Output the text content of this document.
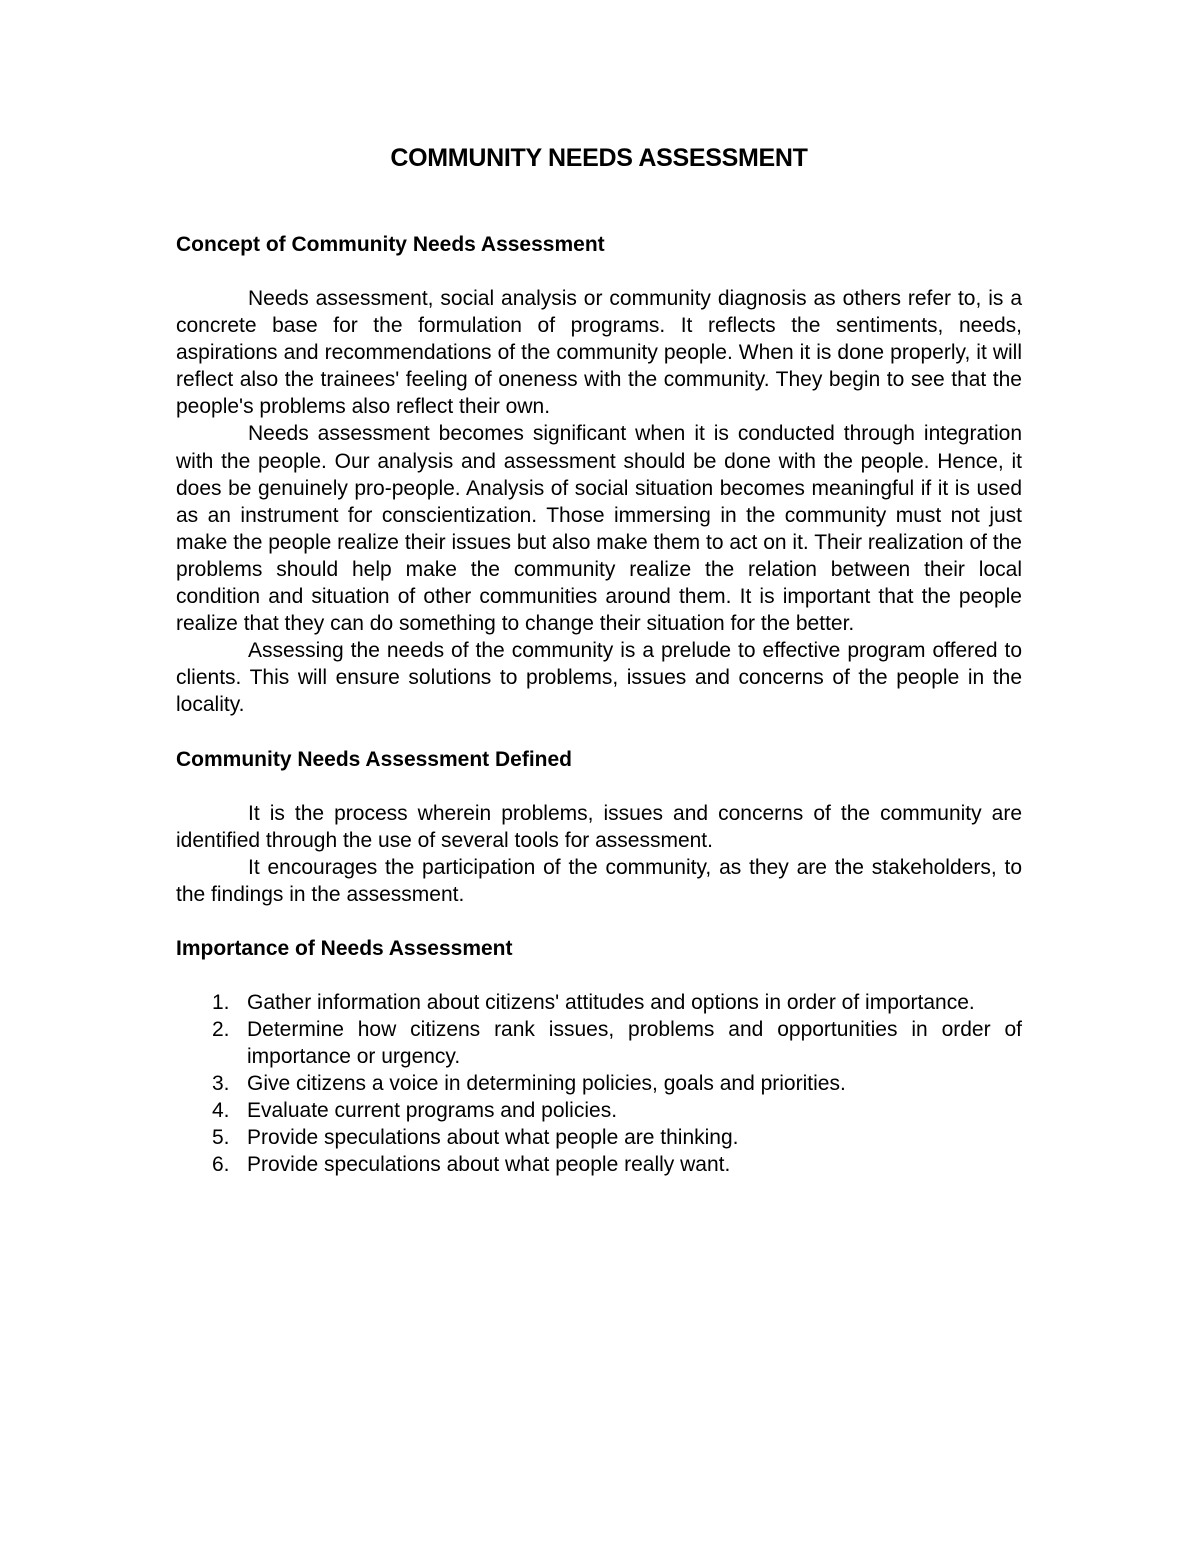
COMMUNITY NEEDS ASSESSMENT
Concept of Community Needs Assessment

Needs assessment, social analysis or community diagnosis as others refer to, is a concrete base for the formulation of programs. It reflects the sentiments, needs, aspirations and recommendations of the community people. When it is done properly, it will reflect also the trainees' feeling of oneness with the community. They begin to see that the people's problems also reflect their own.

Needs assessment becomes significant when it is conducted through integration with the people. Our analysis and assessment should be done with the people. Hence, it does be genuinely pro-people. Analysis of social situation becomes meaningful if it is used as an instrument for conscientization. Those immersing in the community must not just make the people realize their issues but also make them to act on it. Their realization of the problems should help make the community realize the relation between their local condition and situation of other communities around them. It is important that the people realize that they can do something to change their situation for the better.

Assessing the needs of the community is a prelude to effective program offered to clients. This will ensure solutions to problems, issues and concerns of the people in the locality.

Community Needs Assessment Defined

It is the process wherein problems, issues and concerns of the community are identified through the use of several tools for assessment.

It encourages the participation of the community, as they are the stakeholders, to the findings in the assessment.

Importance of Needs Assessment
1. Gather information about citizens' attitudes and options in order of importance.
2. Determine how citizens rank issues, problems and opportunities in order of importance or urgency.
3. Give citizens a voice in determining policies, goals and priorities.
4. Evaluate current programs and policies.
5. Provide speculations about what people are thinking.
6. Provide speculations about what people really want.
